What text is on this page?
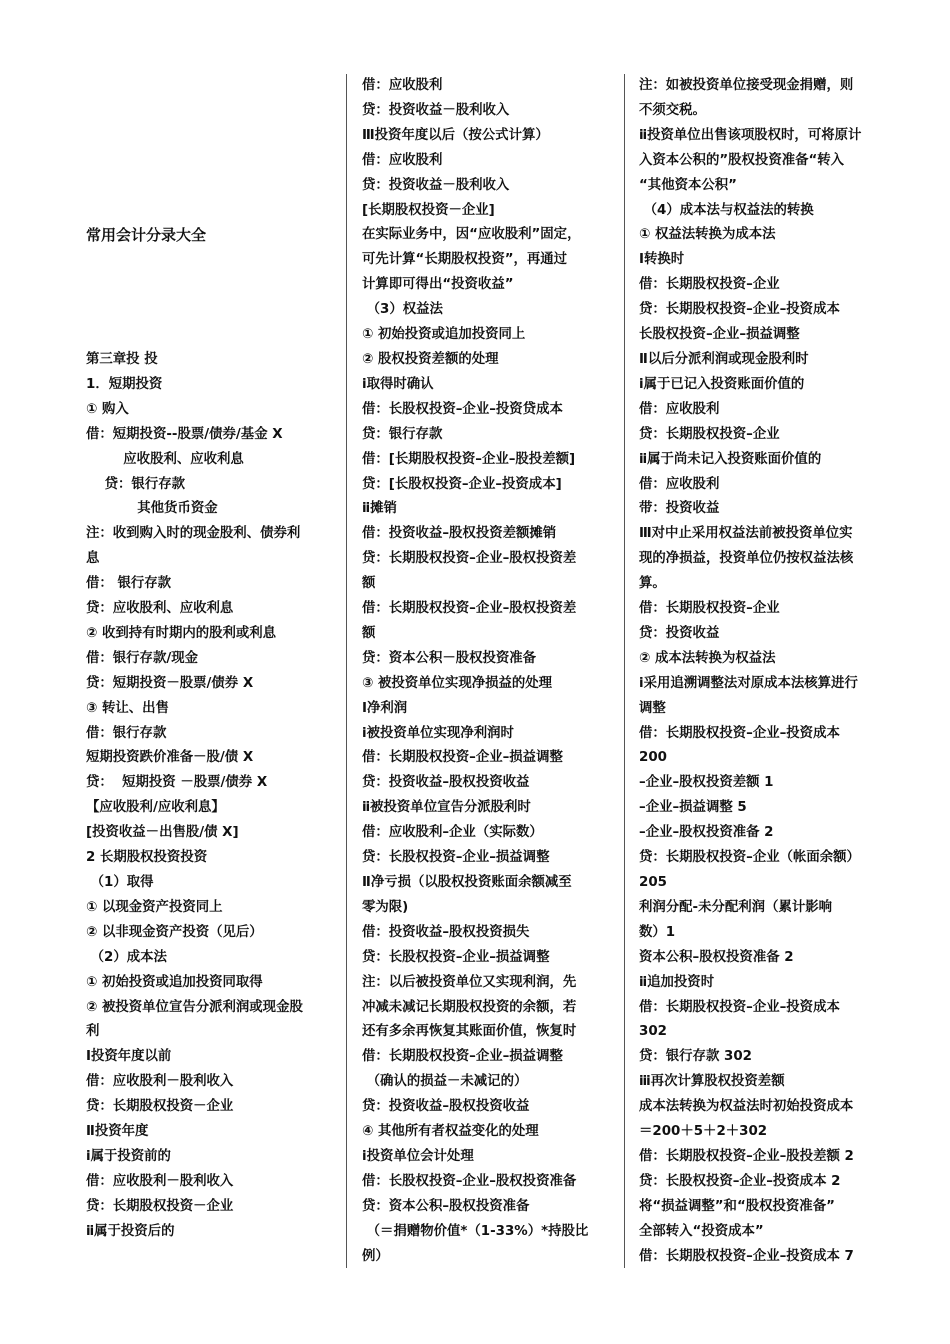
常用会计分录大全

第三章投 投
1．短期投资
① 购入
借：短期投资--股票/债券/基金 X
应收股利、应收利息
贷：银行存款
其他货币资金
注：收到购入时的现金股利、债券利
息
借： 银行存款
贷：应收股利、应收利息
② 收到持有时期内的股利或利息
借：银行存款/现金
贷：短期投资－股票/债券 X
③ 转让、出售
借：银行存款
短期投资跌价准备－股/债 X
贷：  短期投资 －股票/债券 X
【应收股利/应收利息】
[投资收益－出售股/债 X]
2 长期股权投资投资
（1）取得
① 以现金资产投资同上
② 以非现金资产投资（见后）
（2）成本法
① 初始投资或追加投资同取得
② 被投资单位宣告分派利润或现金股
利
Ⅰ投资年度以前
借：应收股利－股利收入
贷：长期股权投资－企业
Ⅱ投资年度
ⅰ属于投资前的
借：应收股利－股利收入
贷：长期股权投资－企业
ⅱ属于投资后的
借：应收股利
贷：投资收益－股利收入
Ⅲ投资年度以后（按公式计算）
借：应收股利
贷：投资收益－股利收入
[长期股权投资－企业]
在实际业务中，因“应收股利”固定，
可先计算“长期股权投资”，再通过
计算即可得出“投资收益”
（3）权益法
① 初始投资或追加投资同上
② 股权投资差额的处理
ⅰ取得时确认
借：长股权投资–企业–投资贷成本
贷：银行存款
借：[长期股权投资–企业–股投差额]
贷：[长股权投资–企业–投资成本]
ⅱ摊销
借：投资收益–股权投资差额摊销
贷：长期股权投资–企业–股权投资差
额
借：长期股权投资–企业–股权投资差
额
贷：资本公积－股权投资准备
③ 被投资单位实现净损益的处理
Ⅰ净利润
ⅰ被投资单位实现净利润时
借：长期股权投资–企业–损益调整
贷：投资收益–股权投资收益
ⅱ被投资单位宣告分派股利时
借：应收股利–企业（实际数）
贷：长股权投资–企业–损益调整
Ⅱ净亏损（以股权投资账面余额减至
零为限)
借：投资收益–股权投资损失
贷：长股权投资–企业–损益调整
注：以后被投资单位又实现利润，先
冲减未减记长期股权投资的余额，若
还有多余再恢复其账面价值，恢复时
借：长期股权投资–企业–损益调整
（确认的损益－未减记的）
贷：投资收益–股权投资收益
④ 其他所有者权益变化的处理
ⅰ投资单位会计处理
借：长股权投资–企业–股权投资准备
贷：资本公积–股权投资准备
（＝捐赠物价值*（1-33%）*持股比
例）
注：如被投资单位接受现金捐赠，则
不须交税。
ⅱ投资单位出售该项股权时，可将原计
入资本公积的”股权投资准备“转入
“其他资本公积”
（4）成本法与权益法的转换
① 权益法转换为成本法
Ⅰ转换时
借：长期股权投资–企业
贷：长期股权投资–企业–投资成本
长股权投资–企业–损益调整
Ⅱ以后分派利润或现金股利时
ⅰ属于已记入投资账面价值的
借：应收股利
贷：长期股权投资–企业
ⅱ属于尚未记入投资账面价值的
借：应收股利
带：投资收益
Ⅲ对中止采用权益法前被投资单位实
现的净损益，投资单位仍按权益法核
算。
借：长期股权投资–企业
贷：投资收益
② 成本法转换为权益法
ⅰ采用追溯调整法对原成本法核算进行
调整
借：长期股权投资–企业–投资成本
200
–企业–股权投资差额 1
–企业–损益调整 5
–企业–股权投资准备 2
贷：长期股权投资–企业（帐面余额）
205
利润分配-未分配利润（累计影响
数）1
资本公积–股权投资准备 2
ⅱ追加投资时
借：长期股权投资–企业–投资成本
302
贷：银行存款 302
ⅲ再次计算股权投资差额
成本法转换为权益法时初始投资成本
＝200＋5＋2＋302
借：长期股权投资–企业–股投差额 2
贷：长股权投资–企业–投资成本 2
将“损益调整”和“股权投资准备”
全部转入“投资成本”
借：长期股权投资–企业–投资成本 7
